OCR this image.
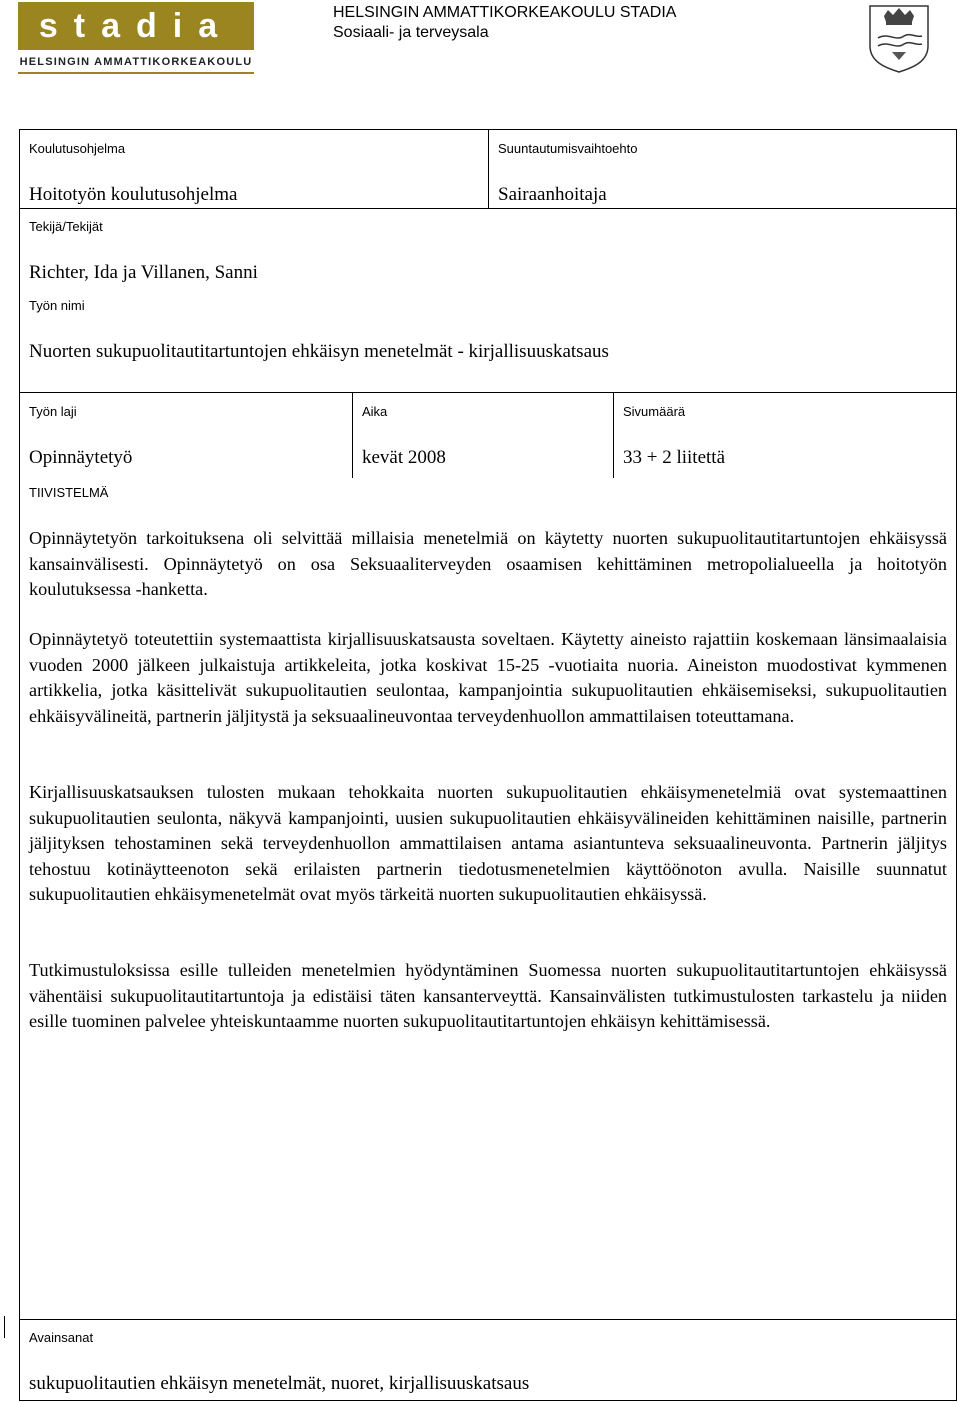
stadia
HELSINGIN AMMATTIKORKEAKOULU
HELSINGIN AMMATTIKORKEAKOULU STADIA
Sosiaali- ja terveysala
Koulutusohjelma
Hoitotyön koulutusohjelma
Suuntautumisvaihtoehto
Sairaanhoitaja
Tekijä/Tekijät
Richter, Ida ja Villanen, Sanni
Työn nimi
Nuorten sukupuolitautitartuntojen ehkäisyn menetelmät - kirjallisuuskatsaus
Työn laji
Opinnäytetyö
Aika
kevät 2008
Sivumäärä
33 + 2 liitettä
TIIVISTELMÄ

Opinnäytetyön tarkoituksena oli selvittää millaisia menetelmiä on käytetty nuorten sukupuolitautitartuntojen ehkäisyssä kansainvälisesti. Opinnäytetyö on osa Seksuaaliterveyden osaamisen kehittäminen metropolialueella ja hoitotyön koulutuksessa -hanketta.

Opinnäytetyö toteutettiin systemaattista kirjallisuuskatsausta soveltaen. Käytetty aineisto rajattiin koskemaan länsimaalaisia vuoden 2000 jälkeen julkaistuja artikkeleita, jotka koskivat 15-25 -vuotiaita nuoria. Aineiston muodostivat kymmenen artikkelia, jotka käsittelivät sukupuolitautien seulontaa, kampanjointia sukupuolitautien ehkäisemiseksi, sukupuolitautien ehkäisyvälineitä, partnerin jäljitystä ja seksuaalineuvontaa terveydenhuollon ammattilaisen toteuttamana.

Kirjallisuuskatsauksen tulosten mukaan tehokkaita nuorten sukupuolitautien ehkäisymenetelmiä ovat systemaattinen sukupuolitautien seulonta, näkyvä kampanjointi, uusien sukupuolitautien ehkäisyvälineiden kehittäminen naisille, partnerin jäljityksen tehostaminen sekä terveydenhuollon ammattilaisen antama asiantunteva seksuaalineuvonta. Partnerin jäljitys tehostuu kotinäytteenoton sekä erilaisten partnerin tiedotusmenetelmien käyttöönoton avulla. Naisille suunnatut sukupuolitautien ehkäisymenetelmät ovat myös tärkeitä nuorten sukupuolitautien ehkäisyssä.

Tutkimustuloksissa esille tulleiden menetelmien hyödyntäminen Suomessa nuorten sukupuolitautitartuntojen ehkäisyssä vähentäisi sukupuolitautitartuntoja ja edistäisi täten kansanterveyttä. Kansainvälisten tutkimustulosten tarkastelu ja niiden esille tuominen palvelee yhteiskuntaamme nuorten sukupuolitautitartuntojen ehkäisyn kehittämisessä.

Avainsanat
sukupuolitautien ehkäisyn menetelmät, nuoret, kirjallisuuskatsaus
